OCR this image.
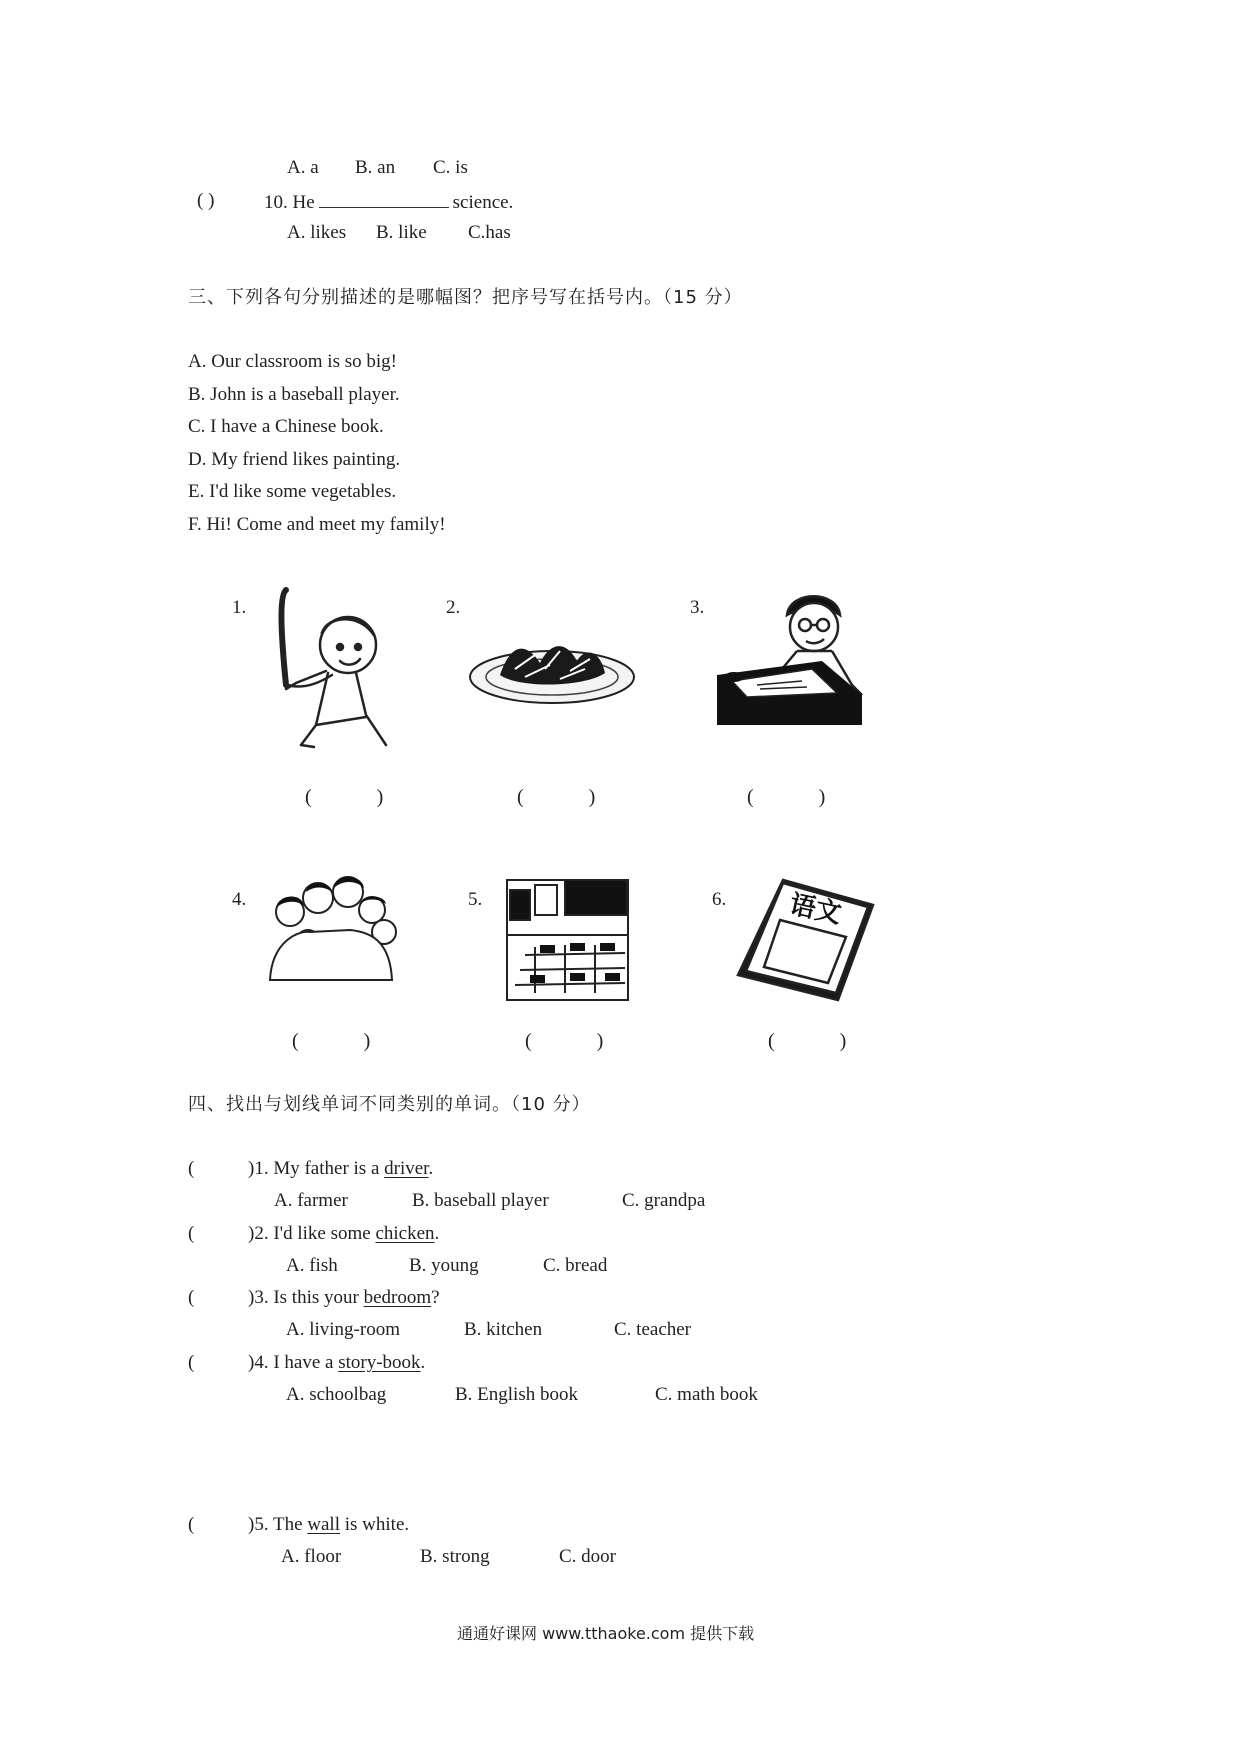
A. a B. an C. is
( )	10. He	science.
A. likes B. like C.has
三、下列各句分别描述的是哪幅图？把序号写在括号内。（15 分）
A. Our classroom is so big!
B. John is a baseball player.
C. I have a Chinese book.
D. My friend likes painting.
E. I'd like some vegetables.
F. Hi! Come and meet my family!
1.
( )
2.
( )
3.
( )
4.
( )
5.
( )
6. 语文
( )
四、找出与划线单词不同类别的单词。（10 分）
(	)1. My father is a driver.
A. farmer	B. baseball player	C. grandpa
(	)2. I'd like some chicken.
A. fish	B. young	C. bread
(	)3. Is this your bedroom?
A. living-room	B. kitchen	C. teacher
(	)4. I have a story-book.
A. schoolbag	B. English book	C. math book
(	)5. The wall is white.
A. floor	B. strong	C. door
通通好课网 www.tthaoke.com 提供下载
